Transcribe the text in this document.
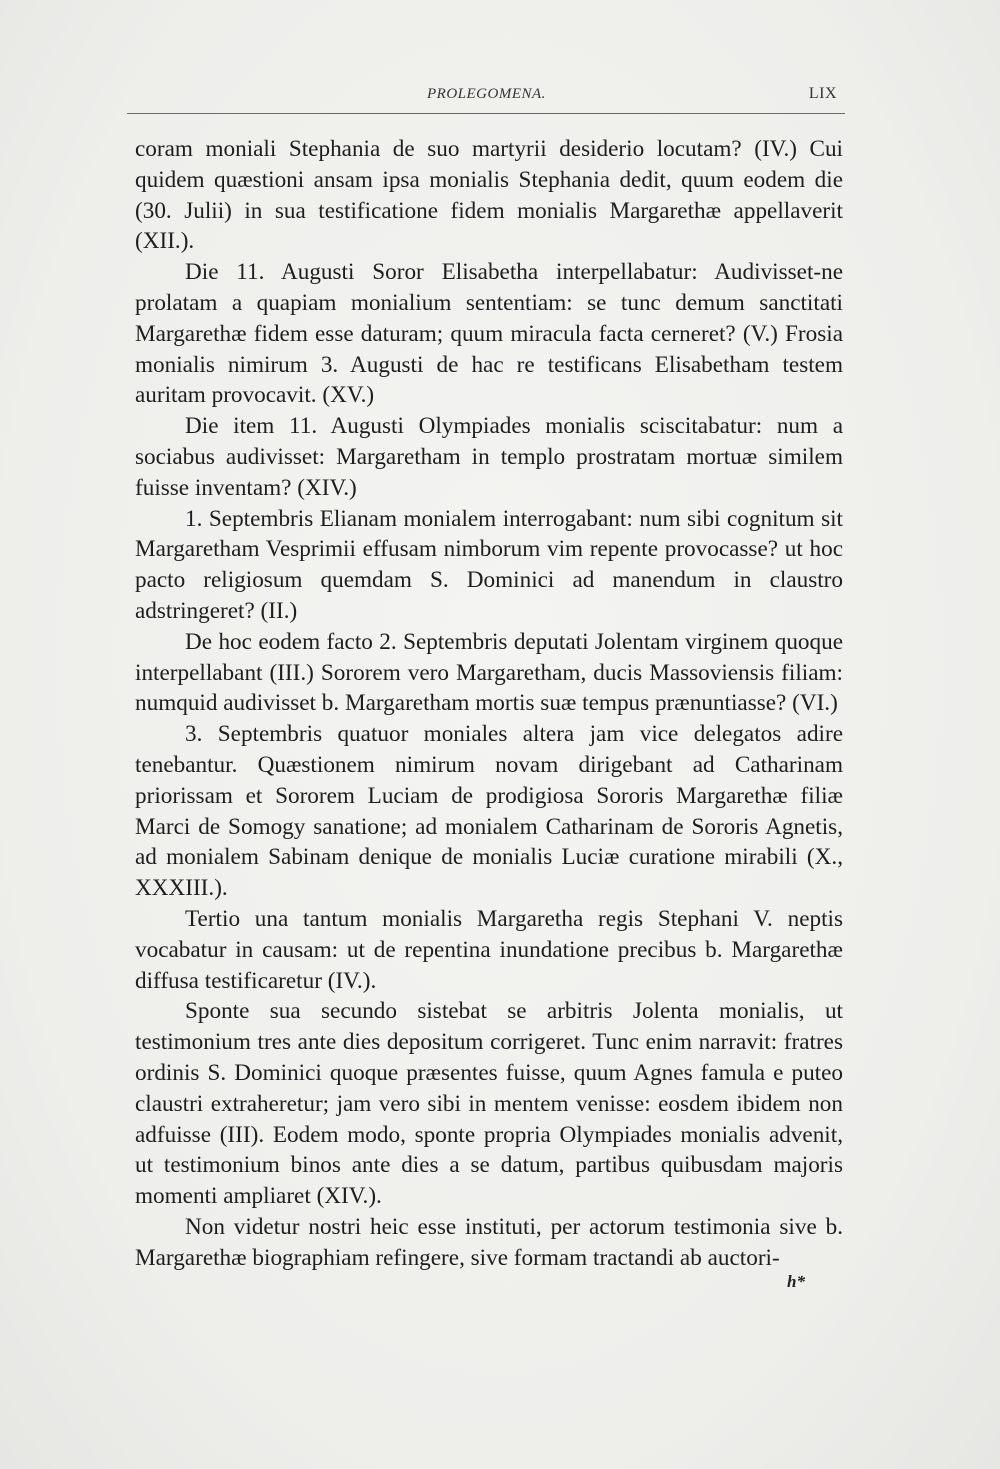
PROLEGOMENA.	LIX

coram moniali Stephania de suo martyrii desiderio locutam? (IV.) Cui quidem quæstioni ansam ipsa monialis Stephania dedit, quum eodem die (30. Julii) in sua testificatione fidem monialis Margarethæ appellaverit (XII.).

Die 11. Augusti Soror Elisabetha interpellabatur: Audivisset-ne prolatam a quapiam monialium sententiam: se tunc demum sanctitati Margarethæ fidem esse daturam; quum miracula facta cerneret? (V.) Frosia monialis nimirum 3. Augusti de hac re testificans Elisabetham testem auritam provocavit. (XV.)

Die item 11. Augusti Olympiades monialis sciscitabatur: num a sociabus audivisset: Margaretham in templo prostratam mortuæ similem fuisse inventam? (XIV.)

1. Septembris Elianam monialem interrogabant: num sibi cognitum sit Margaretham Vesprimii effusam nimborum vim repente provocasse? ut hoc pacto religiosum quemdam S. Dominici ad manendum in claustro adstringeret? (II.)

De hoc eodem facto 2. Septembris deputati Jolentam virginem quoque interpellabant (III.) Sororem vero Margaretham, ducis Massoviensis filiam: numquid audivisset b. Margaretham mortis suæ tempus prænuntiasse? (VI.)

3. Septembris quatuor moniales altera jam vice delegatos adire tenebantur. Quæstionem nimirum novam dirigebant ad Catharinam priorissam et Sororem Luciam de prodigiosa Sororis Margarethæ filiæ Marci de Somogy sanatione; ad monialem Catharinam de Sororis Agnetis, ad monialem Sabinam denique de monialis Luciæ curatione mirabili (X., XXXIII.).

Tertio una tantum monialis Margaretha regis Stephani V. neptis vocabatur in causam: ut de repentina inundatione precibus b. Margarethæ diffusa testificaretur (IV.).

Sponte sua secundo sistebat se arbitris Jolenta monialis, ut testimonium tres ante dies depositum corrigeret. Tunc enim narravit: fratres ordinis S. Dominici quoque præsentes fuisse, quum Agnes famula e puteo claustri extraheretur; jam vero sibi in mentem venisse: eosdem ibidem non adfuisse (III). Eodem modo, sponte propria Olympiades monialis advenit, ut testimonium binos ante dies a se datum, partibus quibusdam majoris momenti ampliaret (XIV.).

Non videtur nostri heic esse instituti, per actorum testimonia sive b. Margarethæ biographiam refingere, sive formam tractandi ab auctori-

h*
